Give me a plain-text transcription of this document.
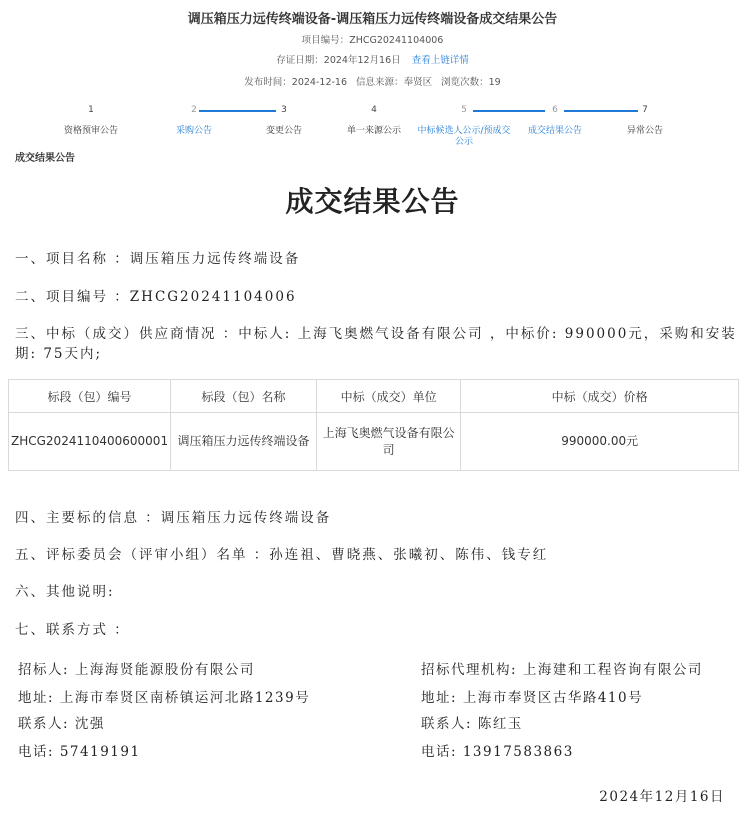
调压箱压力远传终端设备-调压箱压力远传终端设备成交结果公告
项目编号：ZHCG20241104006
存证日期：2024年12月16日 查看上链详情
发布时间：2024-12-16 信息来源：奉贤区 浏览次数：19
1
资格预审公告
2
采购公告
3
变更公告
4
单一来源公示
5
中标候选人公示/预成交公示
6
成交结果公告
7
异常公告
成交结果公告
成交结果公告
一、项目名称 ：调压箱压力远传终端设备
二、项目编号 ：ZHCG20241104006
三、中标（成交）供应商情况 ：中标人: 上海飞奥燃气设备有限公司 ，中标价: 990000元，采购和安装期: 75天内;
标段（包）编号	标段（包）名称	中标（成交）单位	中标（成交）价格
ZHCG2024110400600001	调压箱压力远传终端设备	上海飞奥燃气设备有限公司	990000.00元
四、主要标的信息 ：调压箱压力远传终端设备
五、评标委员会（评审小组）名单 ：孙连祖、曹晓燕、张曦初、陈伟、钱专红
六、其他说明:
七、联系方式 ：
招标人: 上海海贤能源股份有限公司
地址: 上海市奉贤区南桥镇运河北路1239号
联系人: 沈强
电话: 57419191
招标代理机构: 上海建和工程咨询有限公司
地址: 上海市奉贤区古华路410号
联系人: 陈红玉
电话: 13917583863
2024年12月16日
